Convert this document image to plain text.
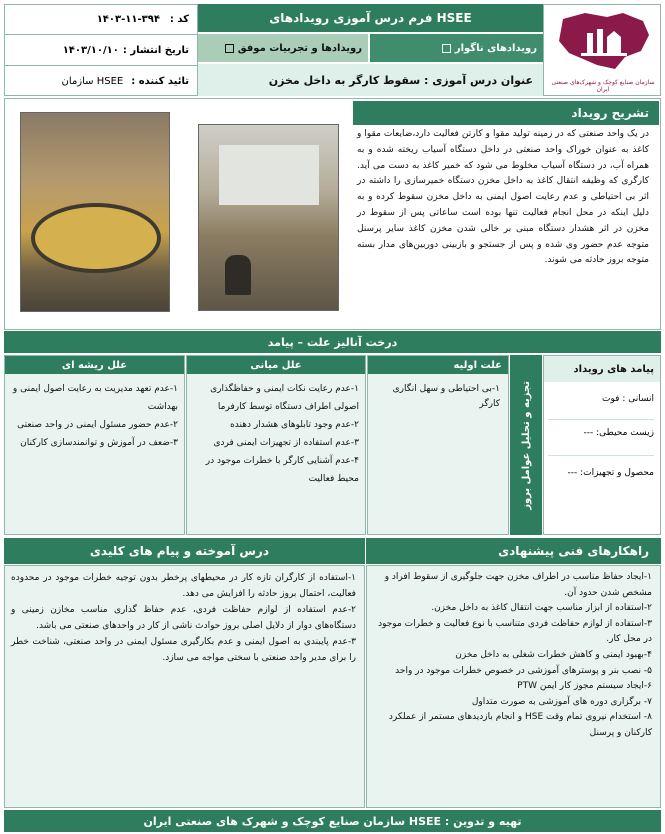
سازمان صنایع کوچک و شهرک‌های صنعتی ایران
فرم درس آموزی رویدادهای HSEE
کد :
۱۴۰۳-۱۱-۳۹۴
تاریخ انتشار :
۱۴۰۳/۱۰/۱۰
تائید کننده :
HSEE سازمان
رویدادهای ناگوار
رویدادها و تجربیات موفق
عنوان درس آموزی : سقوط کارگر به داخل مخزن
تشریح رویداد
در یک واحد صنعتی که در زمینه تولید مقوا و کارتن فعالیت دارد،ضایعات مقوا و کاغذ به عنوان خوراک واحد صنعتی در داخل دستگاه آسیاب ریخته شده و به همراه آب، در دستگاه آسیاب مخلوط می شود که خمیر کاغذ به دست می آید. کارگری که وظیفه انتقال کاغذ به داخل مخزن دستگاه خمیرسازی را داشته در اثر بی احتیاطی و عدم رعایت اصول ایمنی به داخل مخزن سقوط کرده و به دلیل اینکه در محل انجام فعالیت تنها بوده است ساعاتی پس از سقوط در مخزن در اثر هشدار دستگاه مبنی بر خالی شدن مخزن کاغذ سایر پرسنل متوجه عدم حضور وی شده و پس از جستجو و بازبینی دوربین‌های مدار بسته متوجه بروز حادثه می شوند.
درخت آنالیز علت – پیامد
پیامد های رویداد
انسانی : فوت
زیست محیطی: ---
محصول و تجهیزات: ---
تجزیه و تحلیل عوامل بروز
علت اولیه
۱-بی احتیاطی و سهل انگاری کارگر
علل میانی
۱-عدم رعایت نکات ایمنی و حفاظگذاری اصولی اطراف دستگاه توسط کارفرما
۲-عدم وجود تابلوهای هشدار دهنده
۳-عدم استفاده از تجهیزات ایمنی فردی
۴-عدم آشنایی کارگر با خطرات موجود در محیط فعالیت
علل ریشه ای
۱-عدم تعهد مدیریت به رعایت اصول ایمنی و بهداشت
۲-عدم حضور مسئول ایمنی در واحد صنعتی
۳-ضعف در آموزش و توانمندسازی کارکنان
راهکارهای فنی پیشنهادی
۱-ایجاد حفاظ مناسب در اطراف مخزن جهت جلوگیری از سقوط افراد و مشخص شدن حدود آن.
۲-استفاده از ابزار مناسب جهت انتقال کاغذ به داخل مخزن.
۳-استفاده از لوازم حفاظت فردی متناسب با نوع فعالیت و خطرات موجود در محل کار.
۴-بهبود ایمنی و کاهش خطرات شغلی به داخل مخزن
۵- نصب بنر و پوسترهای آموزشی در خصوص خطرات موجود در واحد
۶-ایجاد سیستم مجوز کار ایمن PTW
۷- برگزاری دوره های آموزشی به صورت متداول
۸- استخدام نیروی تمام وقت HSE و انجام بازدیدهای مستمر از عملکرد کارکنان و پرسنل
درس آموخته و پیام های کلیدی
۱-استفاده از کارگران تازه کار در محیطهای پرخطر بدون توجیه خطرات موجود در محدوده فعالیت، احتمال بروز حادثه را افزایش می دهد.
۲-عدم استفاده از لوازم حفاظت فردی، عدم حفاظ گذاری مناسب مخازن زمینی و دستگاه‌های دوار از دلایل اصلی بروز حوادث ناشی از کار در واحدهای صنعتی می باشد.
۳-عدم پایبندی به اصول ایمنی و عدم بکارگیری مسئول ایمنی در واحد صنعتی، شناخت خطر را برای مدیر واحد صنعتی با سختی مواجه می سازد.
تهیه و تدوین : HSEE سازمان صنایع کوچک و شهرک های صنعتی ایران
